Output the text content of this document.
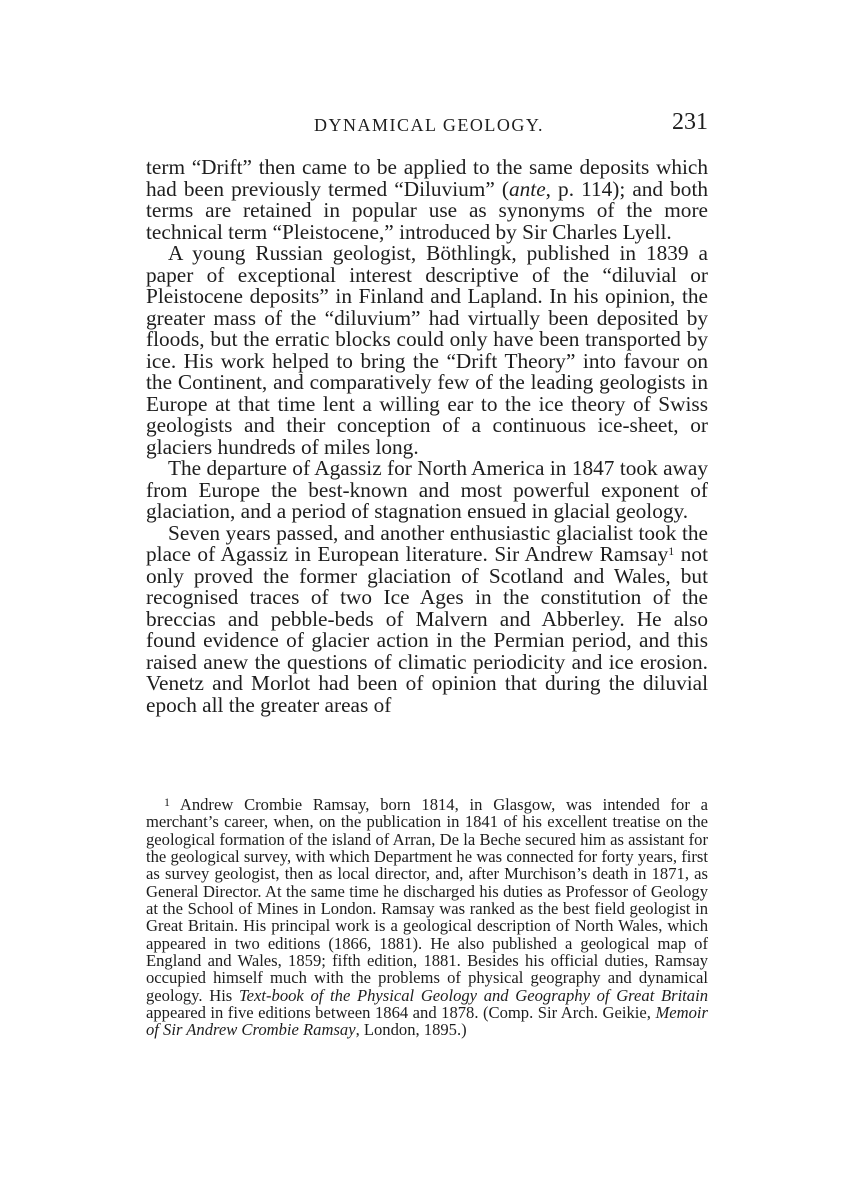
DYNAMICAL GEOLOGY.	231

term “Drift” then came to be applied to the same deposits which had been previously termed “Diluvium” (ante, p. 114); and both terms are retained in popular use as synonyms of the more technical term “Pleistocene,” introduced by Sir Charles Lyell.

A young Russian geologist, Böthlingk, published in 1839 a paper of exceptional interest descriptive of the “diluvial or Pleistocene deposits” in Finland and Lapland. In his opinion, the greater mass of the “diluvium” had virtually been deposited by floods, but the erratic blocks could only have been transported by ice. His work helped to bring the “Drift Theory” into favour on the Continent, and comparatively few of the leading geologists in Europe at that time lent a willing ear to the ice theory of Swiss geologists and their conception of a continuous ice-sheet, or glaciers hundreds of miles long.

The departure of Agassiz for North America in 1847 took away from Europe the best-known and most powerful exponent of glaciation, and a period of stagnation ensued in glacial geology.

Seven years passed, and another enthusiastic glacialist took the place of Agassiz in European literature. Sir Andrew Ramsay$^1$ not only proved the former glaciation of Scotland and Wales, but recognised traces of two Ice Ages in the constitution of the breccias and pebble-beds of Malvern and Abberley. He also found evidence of glacier action in the Permian period, and this raised anew the questions of climatic periodicity and ice erosion. Venetz and Morlot had been of opinion that during the diluvial epoch all the greater areas of

$^1$ Andrew Crombie Ramsay, born 1814, in Glasgow, was intended for a merchant’s career, when, on the publication in 1841 of his excellent treatise on the geological formation of the island of Arran, De la Beche secured him as assistant for the geological survey, with which Department he was connected for forty years, first as survey geologist, then as local director, and, after Murchison’s death in 1871, as General Director. At the same time he discharged his duties as Professor of Geology at the School of Mines in London. Ramsay was ranked as the best field geologist in Great Britain. His principal work is a geological description of North Wales, which appeared in two editions (1866, 1881). He also published a geological map of England and Wales, 1859; fifth edition, 1881. Besides his official duties, Ramsay occupied himself much with the problems of physical geography and dynamical geology. His Text-book of the Physical Geology and Geography of Great Britain appeared in five editions between 1864 and 1878. (Comp. Sir Arch. Geikie, Memoir of Sir Andrew Crombie Ramsay, London, 1895.)
